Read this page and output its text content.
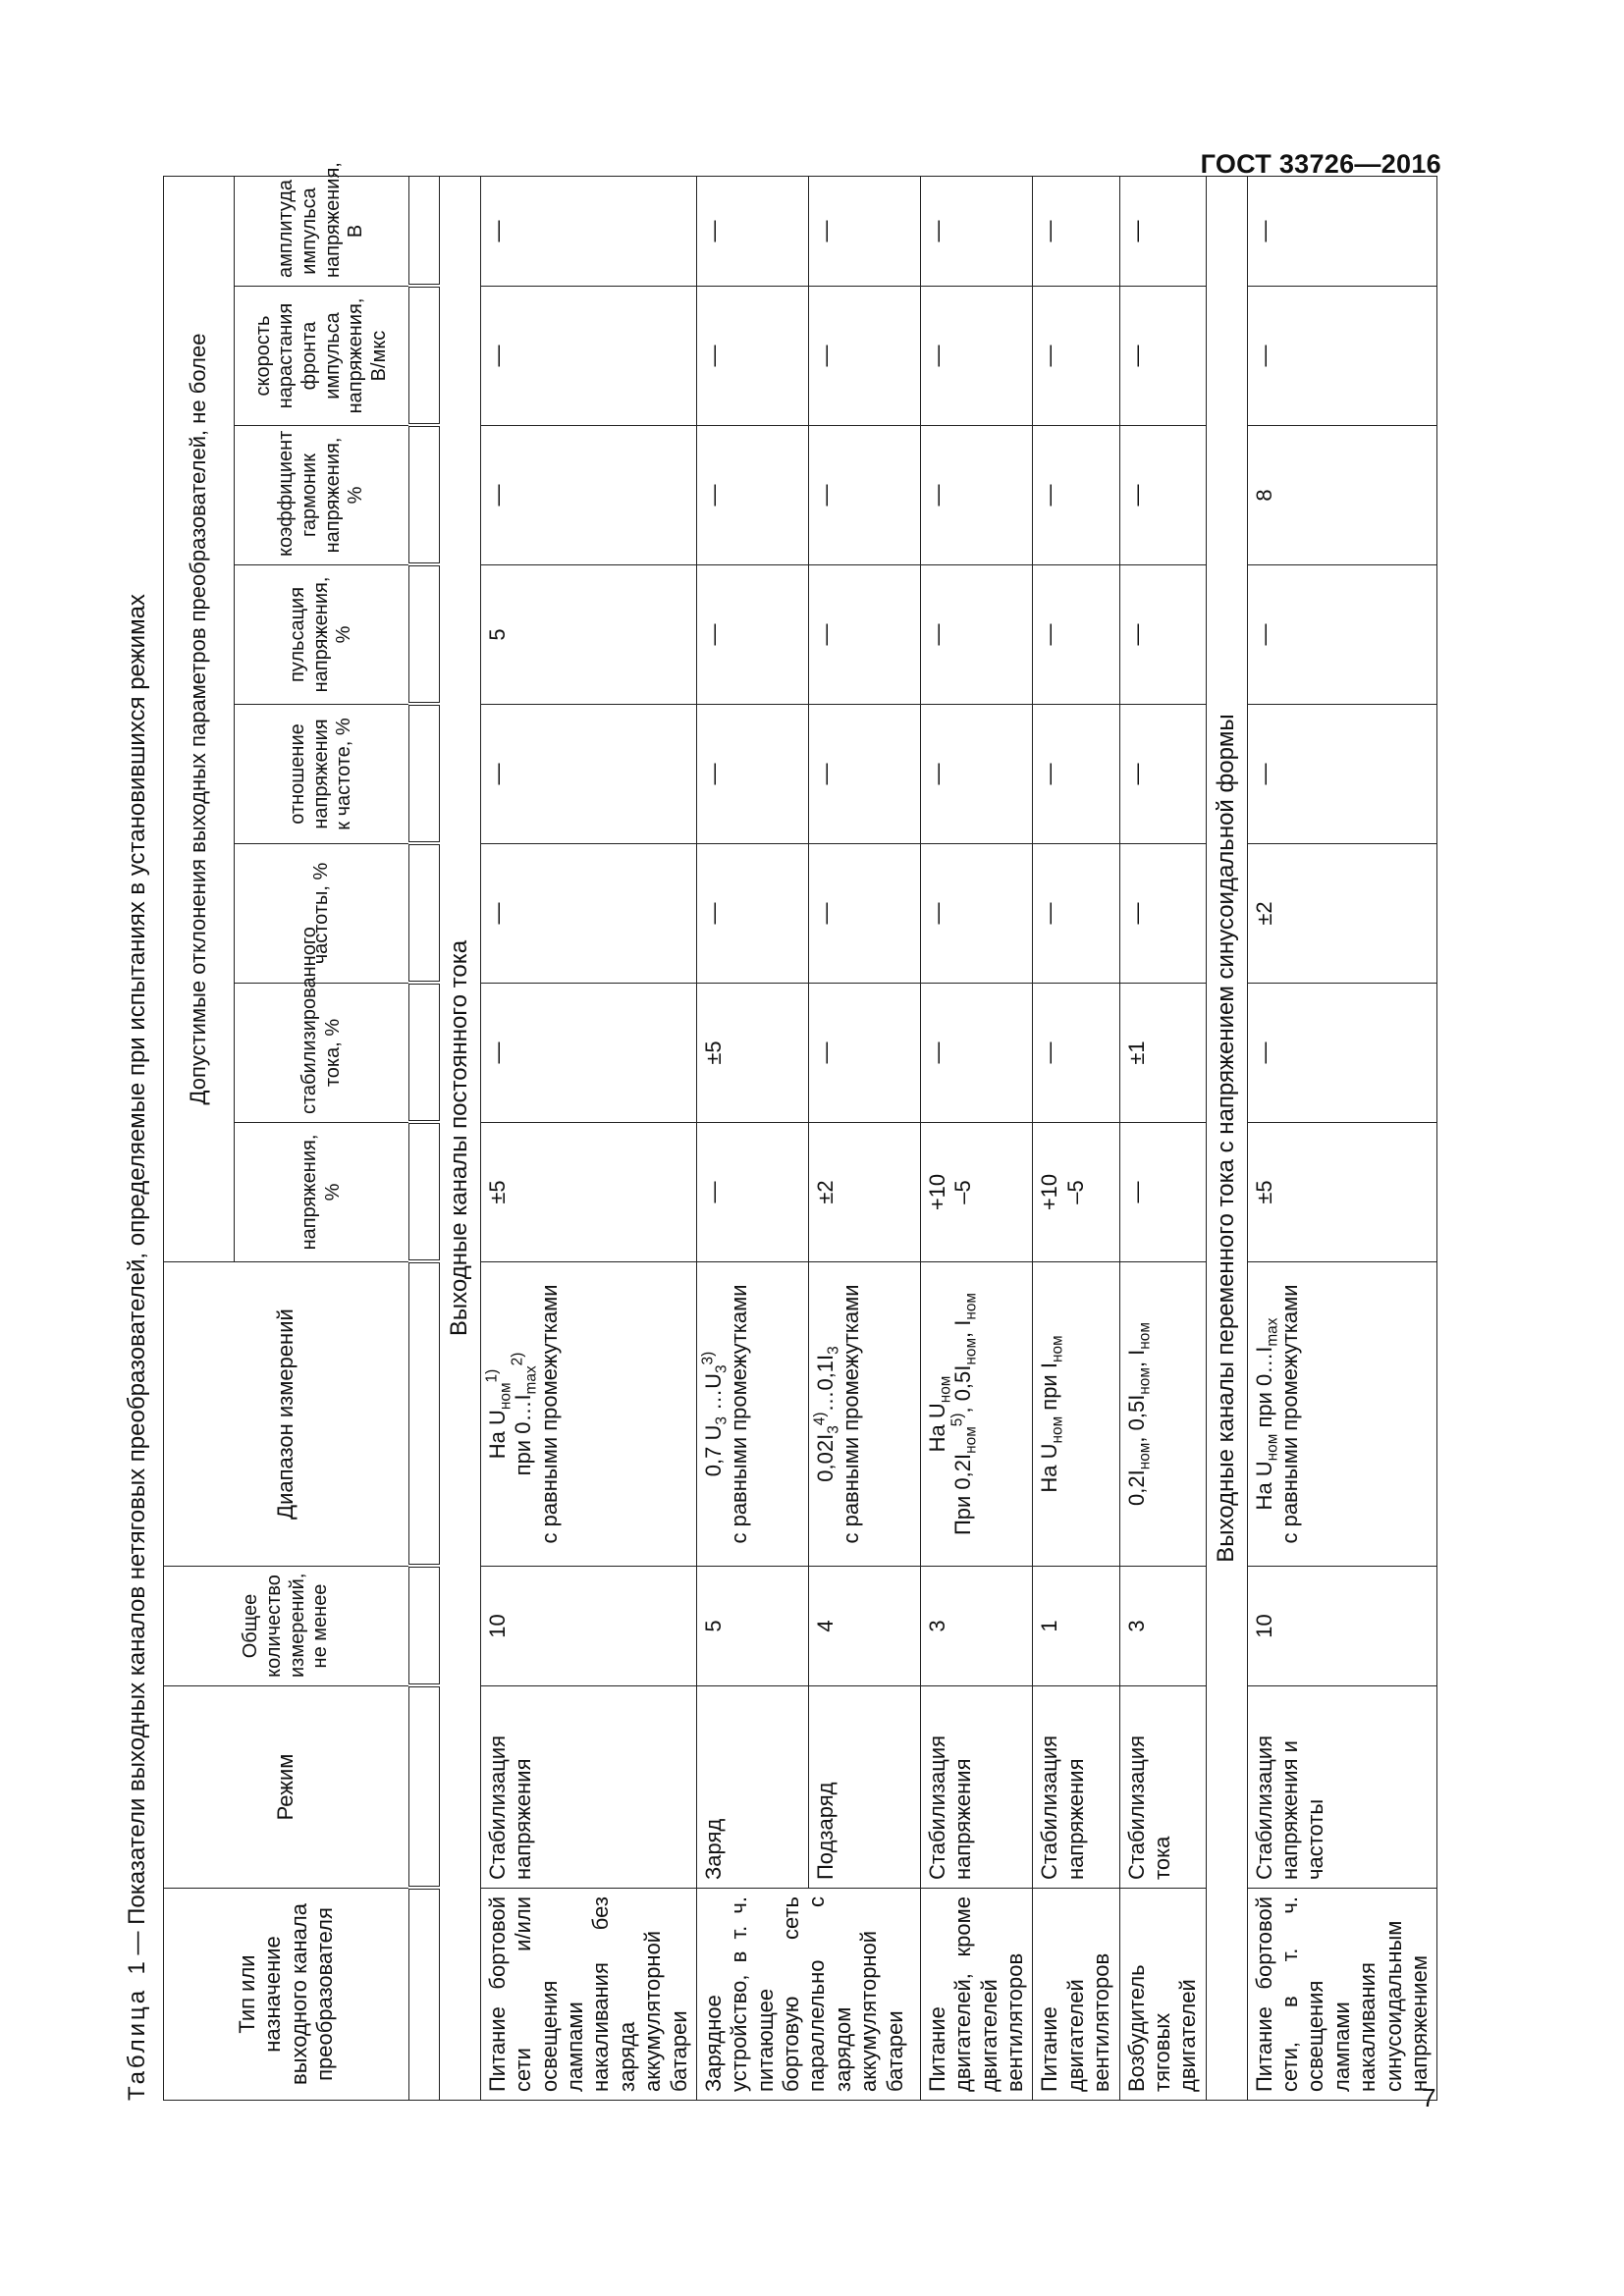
ГОСТ 33726—2016
7
Таблица  1 — Показатели выходных каналов нетяговых преобразователей, определяемые при испытаниях в установившихся режимах
Тип или назначение выходного канала преобразователя	Режим	Общее количество измерений, не менее	Диапазон измерений	Допустимые отклонения выходных параметров преобразователей, не более							
				напряжения, %	стабилизированного тока, %	частоты, %	отношение напряжения к частоте, %	пульсация напряжения, %	коэффициент гармоник напряжения, %	скорость нарастания фронта импульса напряжения, В/мкс	амплитуда импульса напряжения, В

Выходные каналы постоянного тока											
Питание бортовой сети и/или освещения лампами накаливания без заряда аккумуляторной батареи	Стабилизация напряжения	10	На $U_{ном}^{1)}$
при $0\dots I_{max}^{2)}$ с равными промежутками	±5	—	—	—	5	—	—	—
Зарядное устройство, в т. ч. питающее бортовую сеть параллельно с зарядом аккумуляторной батареи	Заряд	5	0,7 $U_3$ $\dots U_3^{3)}$ с равными промежутками	—	±5	—	—	—	—	—	—
	Подзаряд	4	$0,02I_3^{4)}\dots 0,1I_3$
с равными промежутками	±2	—	—	—	—	—	—	—
Питание двигателей, кроме двигателей вентиляторов	Стабилизация напряжения	3	На $U_{ном}$
При $0,2I_{ном}^{5)}$, $0,5I_{ном}$, $I_{ном}$	+10
–5	—	—	—	—	—	—	—
Питание двигателей вентиляторов	Стабилизация напряжения	1	На $U_{ном}$ при $I_{ном}$	+10
–5	—	—	—	—	—	—	—
Возбудитель тяговых двигателей	Стабилизация тока	3	$0,2I_{ном}$, $0,5I_{ном}$, $I_{ном}$	—	±1	—	—	—	—	—	—
Выходные каналы переменного тока с напряжением синусоидальной формы											
Питание бортовой сети, в т. ч. освещения лампами накаливания синусоидальным напряжением	Стабилизация напряжения и частоты	10	На $U_{ном}$ при $0\dots I_{max}$
с равными промежутками	±5	—	±2	—	—	8	—	—
